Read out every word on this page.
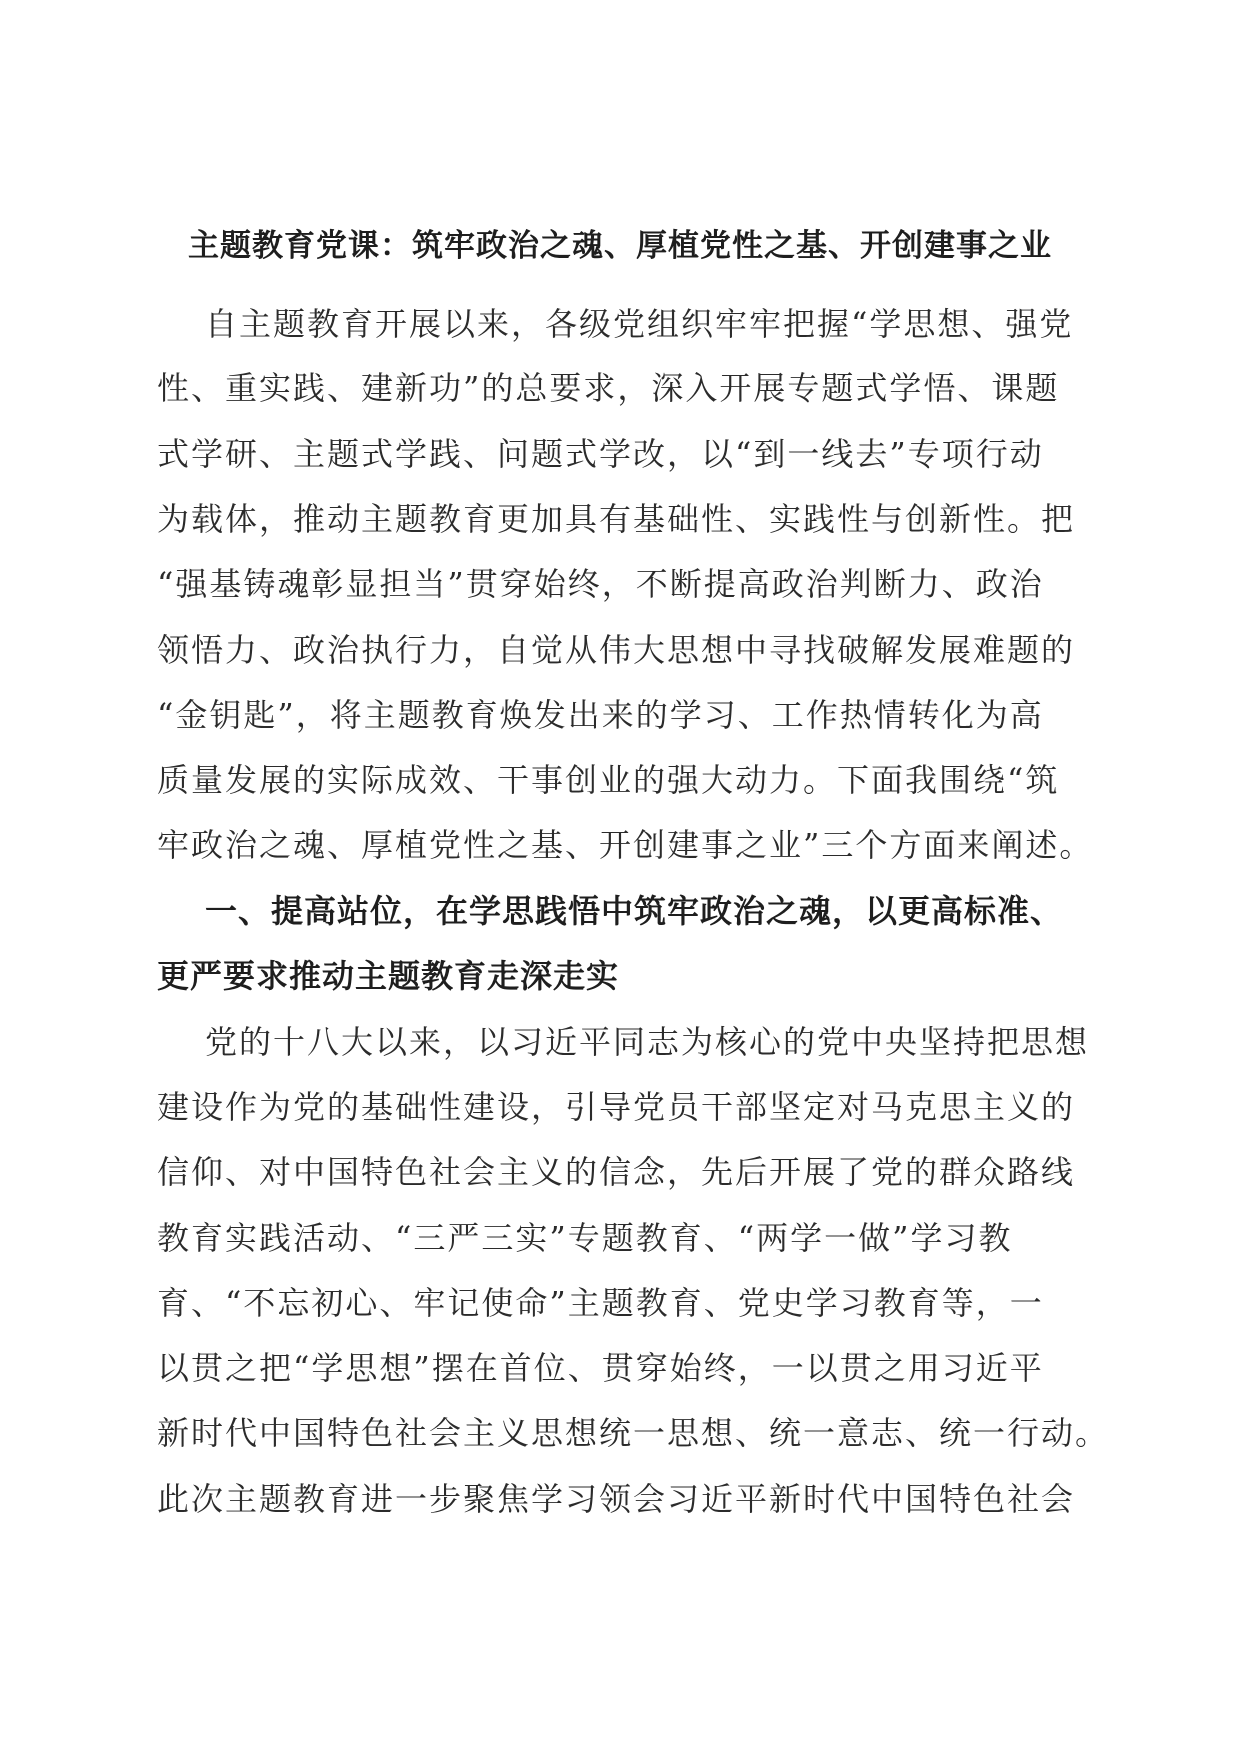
主题教育党课：筑牢政治之魂、厚植党性之基、开创建事之业

自主题教育开展以来，各级党组织牢牢把握“学思想、强党

性、重实践、建新功”的总要求，深入开展专题式学悟、课题

式学研、主题式学践、问题式学改，以“到一线去”专项行动

为载体，推动主题教育更加具有基础性、实践性与创新性。把

“强基铸魂彰显担当”贯穿始终，不断提高政治判断力、政治

领悟力、政治执行力，自觉从伟大思想中寻找破解发展难题的

“金钥匙”，将主题教育焕发出来的学习、工作热情转化为高

质量发展的实际成效、干事创业的强大动力。下面我围绕“筑

牢政治之魂、厚植党性之基、开创建事之业”三个方面来阐述。

一、提高站位，在学思践悟中筑牢政治之魂，以更高标准、

更严要求推动主题教育走深走实

党的十八大以来，以习近平同志为核心的党中央坚持把思想

建设作为党的基础性建设，引导党员干部坚定对马克思主义的

信仰、对中国特色社会主义的信念，先后开展了党的群众路线

教育实践活动、“三严三实”专题教育、“两学一做”学习教

育、“不忘初心、牢记使命”主题教育、党史学习教育等，一

以贯之把“学思想”摆在首位、贯穿始终，一以贯之用习近平

新时代中国特色社会主义思想统一思想、统一意志、统一行动。

此次主题教育进一步聚焦学习领会习近平新时代中国特色社会
